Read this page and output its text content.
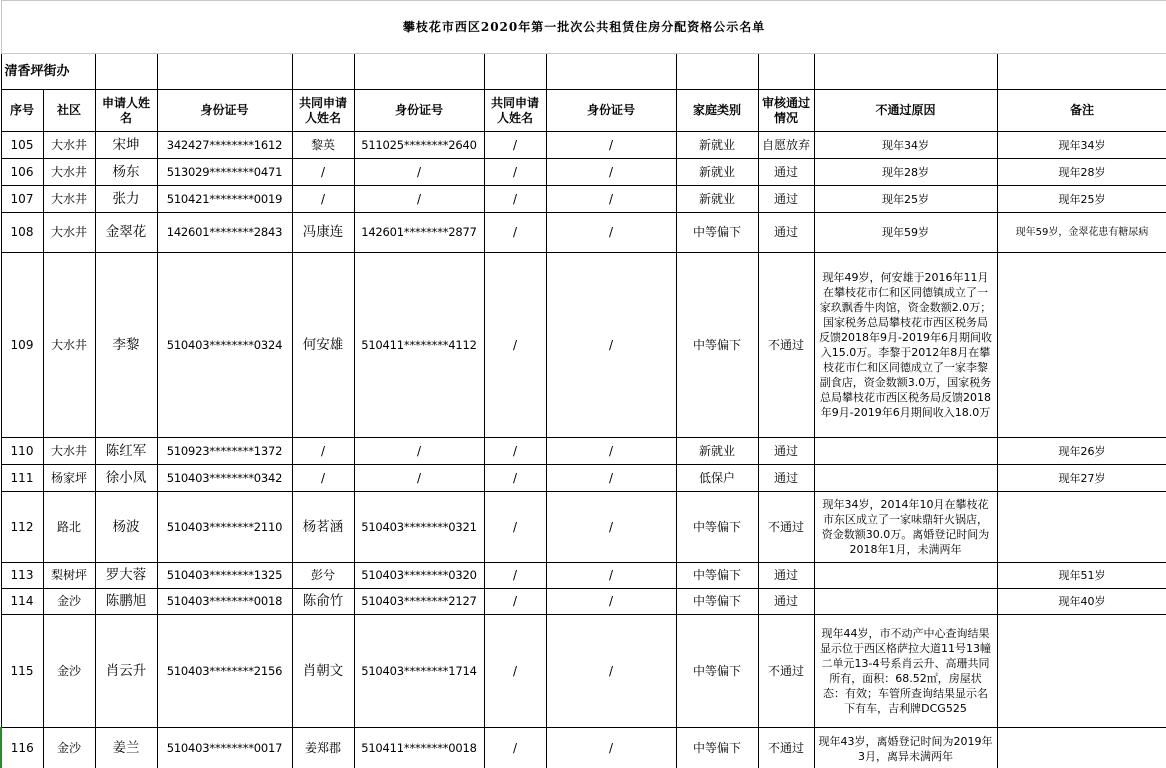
攀枝花市西区2020年第一批次公共租赁住房分配资格公示名单											
清香坪街办											
序号	社区	申请人姓名	身份证号	共同申请人姓名	身份证号	共同申请人姓名	身份证号	家庭类别	审核通过情况	不通过原因	备注
105	大水井	宋坤	342427********1612	黎英	511025********2640	/	/	新就业	自愿放弃	现年34岁	现年34岁
106	大水井	杨东	513029********0471	/	/	/	/	新就业	通过	现年28岁	现年28岁
107	大水井	张力	510421********0019	/	/	/	/	新就业	通过	现年25岁	现年25岁
108	大水井	金翠花	142601********2843	冯康连	142601********2877	/	/	中等偏下	通过	现年59岁	现年59岁，金翠花患有糖尿病
109	大水井	李黎	510403********0324	何安雄	510411********4112	/	/	中等偏下	不通过	现年49岁，何安雄于2016年11月在攀枝花市仁和区同德镇成立了一家玖飘香牛肉馆，资金数额2.0万；国家税务总局攀枝花市西区税务局反馈2018年9月-2019年6月期间收入15.0万。李黎于2012年8月在攀枝花市仁和区同德成立了一家李黎副食店，资金数额3.0万，国家税务总局攀枝花市西区税务局反馈2018年9月-2019年6月期间收入18.0万	
110	大水井	陈红军	510923********1372	/	/	/	/	新就业	通过		现年26岁
111	杨家坪	徐小凤	510403********0342	/	/	/	/	低保户	通过		现年27岁
112	路北	杨波	510403********2110	杨茗涵	510403********0321	/	/	中等偏下	不通过	现年34岁，2014年10月在攀枝花市东区成立了一家味鼎轩火锅店，资金数额30.0万。离婚登记时间为2018年1月，未满两年	
113	梨树坪	罗大蓉	510403********1325	彭兮	510403********0320	/	/	中等偏下	通过		现年51岁
114	金沙	陈鹏旭	510403********0018	陈俞竹	510403********2127	/	/	中等偏下	通过		现年40岁
115	金沙	肖云升	510403********2156	肖朝文	510403********1714	/	/	中等偏下	不通过	现年44岁，市不动产中心查询结果显示位于西区格萨拉大道11号13幢二单元13-4号系肖云升、高珊共同所有，面积：68.52㎡，房屋状态：有效；车管所查询结果显示名下有车，吉利牌DCG525	
116	金沙	姜兰	510403********0017	姜郑郡	510411********0018	/	/	中等偏下	不通过	现年43岁，离婚登记时间为2019年3月，离异未满两年	
